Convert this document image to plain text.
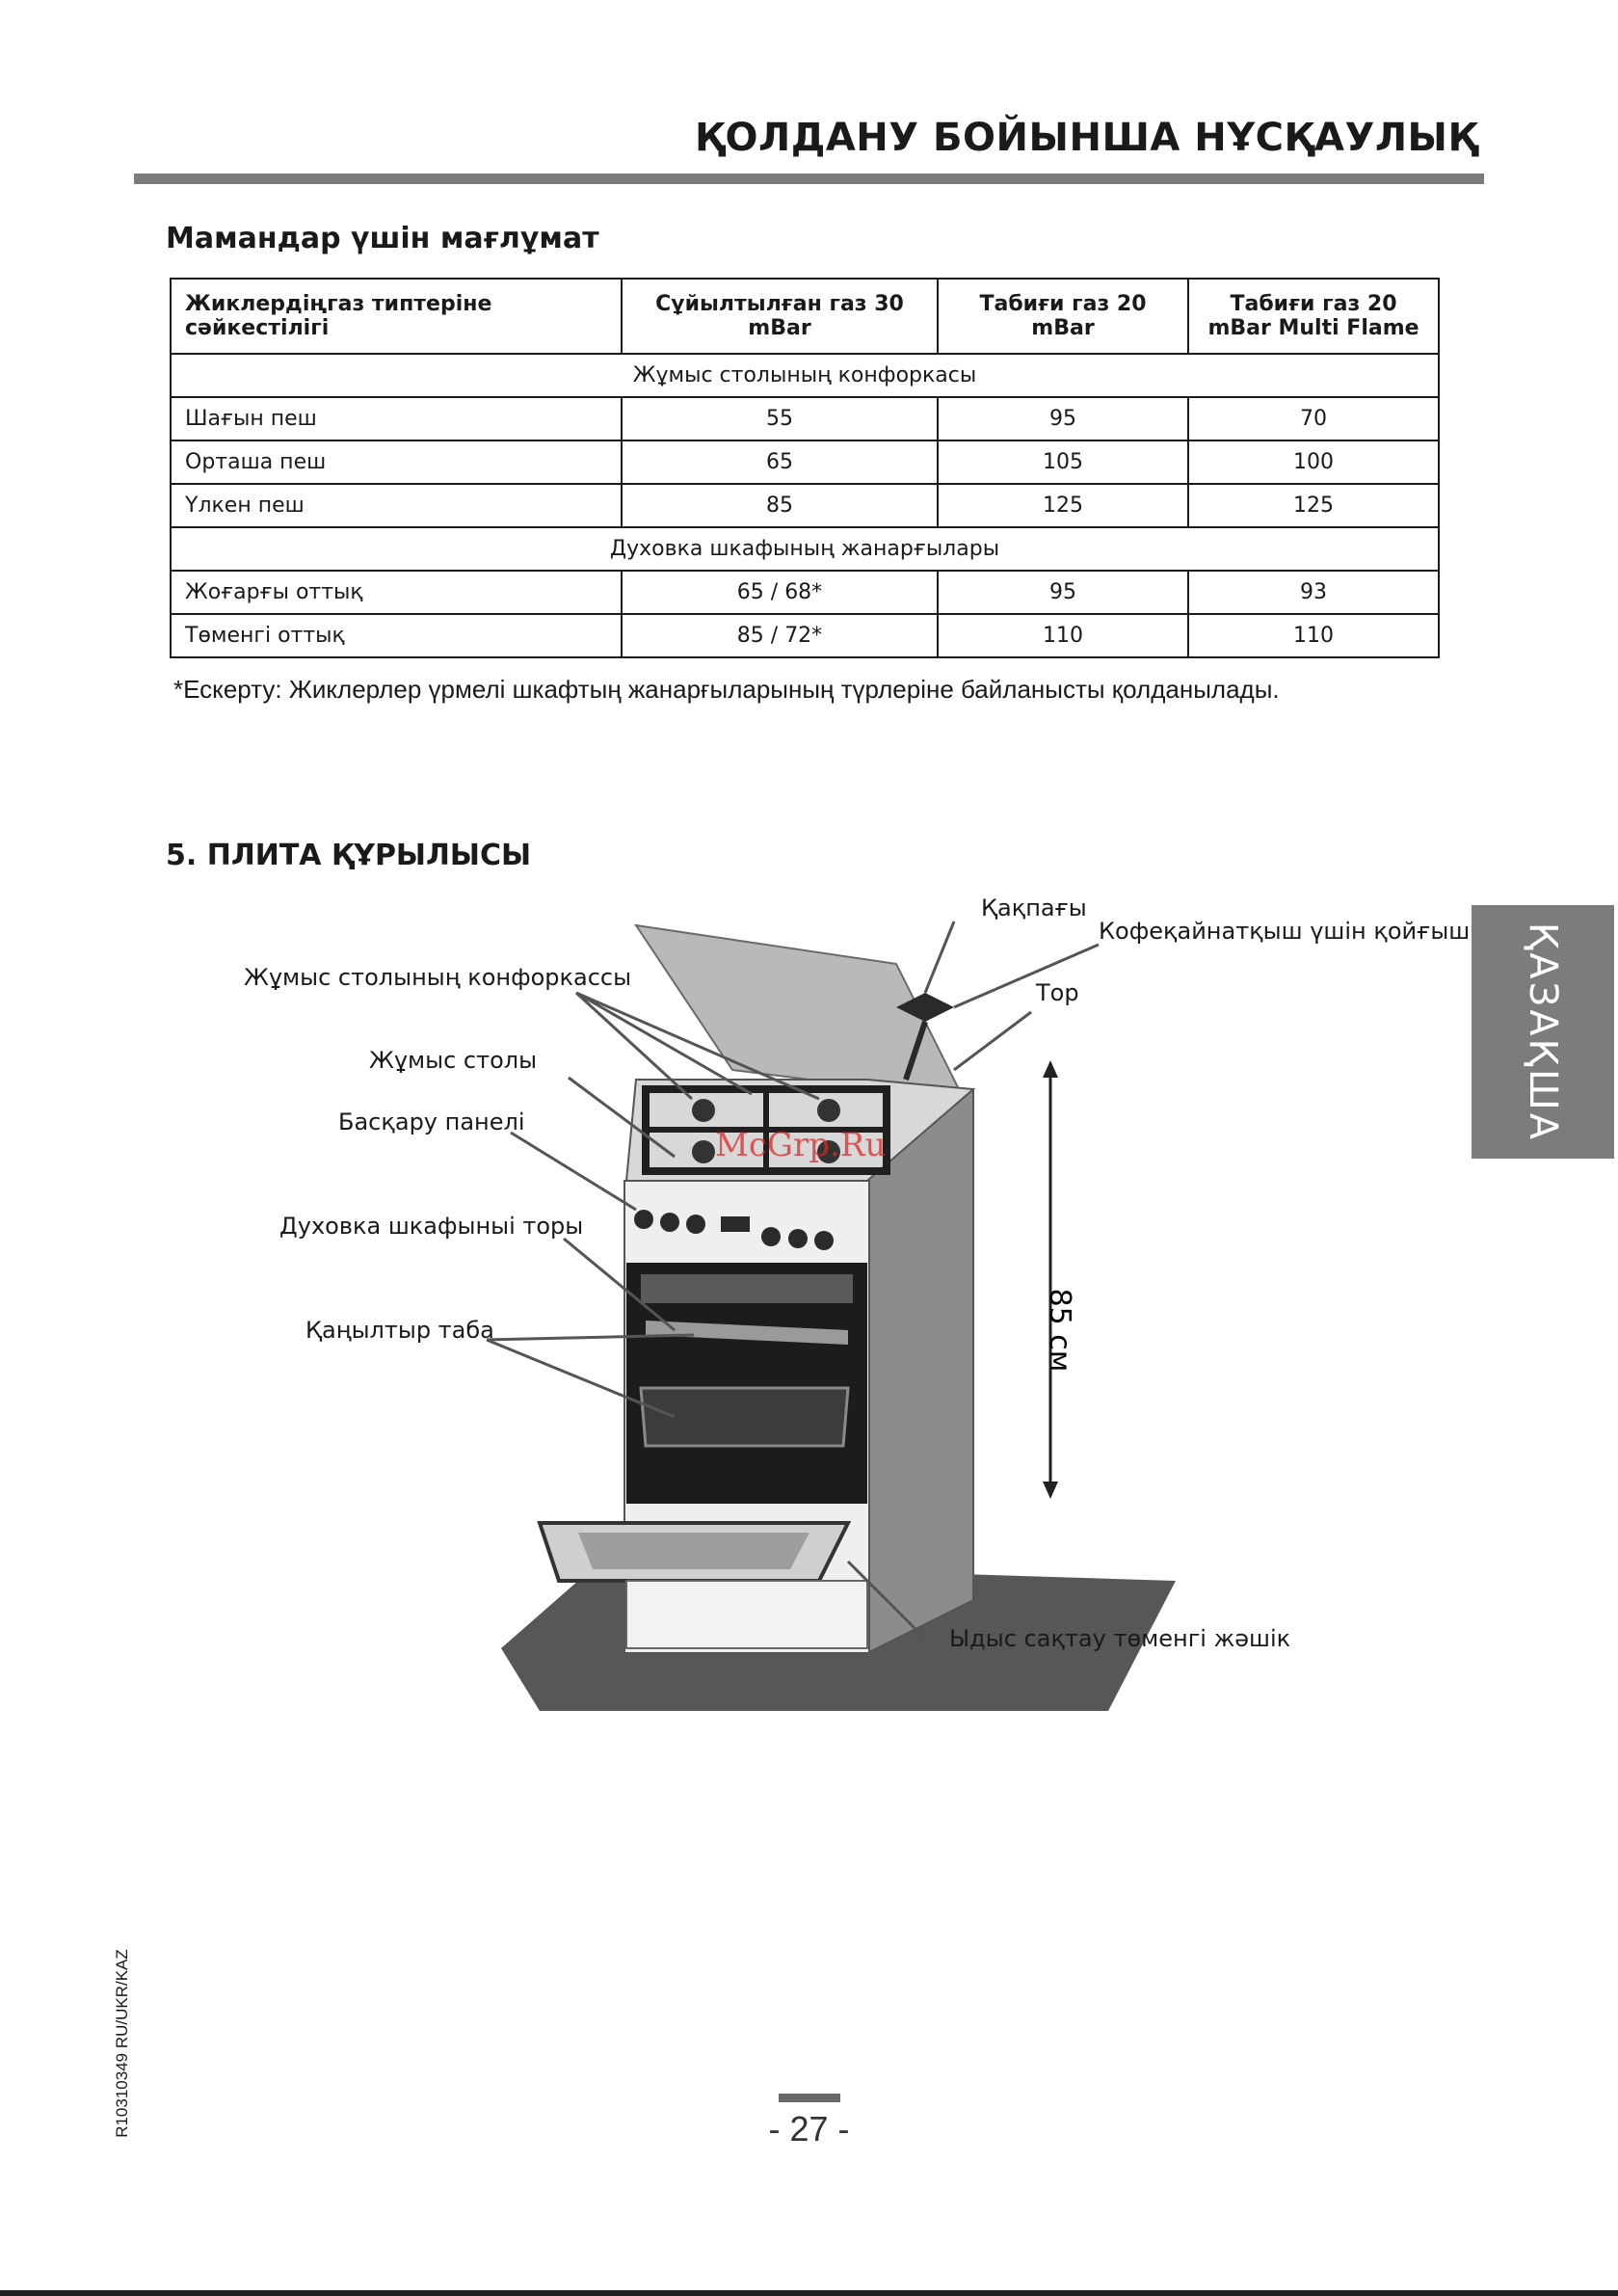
ҚОЛДАНУ БОЙЫНША НҰСҚАУЛЫҚ
Мамандар үшін мағлұмат
Жиклердіңгаз типтеріне сәйкестілігі	Сұйылтылған газ 30 mBar	Табиғи газ 20 mBar	Табиғи газ 20 mBar Multi Flame
Жұмыс столының конфоркасы			
Шағын пеш	55	95	70
Орташа пеш	65	105	100
Үлкен пеш	85	125	125
Духовка шкафының жанарғылары			
Жоғарғы оттық	65 / 68*	95	93
Төменгі оттық	85 / 72*	110	110
*Ескерту: Жиклерлер үрмелі шкафтың жанарғыларының түрлеріне байланысты қолданылады.
5. ПЛИТА ҚҰРЫЛЫСЫ
ҚАЗАҚША
85 см
Қақпағы
Кофеқайнатқыш үшін қойғыш
Жұмыс столының конфоркассы
Тор
Жұмыс столы
Басқару панелі
Духовка шкафыныі торы
Қаңылтыр таба
Ыдыс сақтау төменгі жәшік
McGrp.Ru
R10310349 RU/UKR/KAZ	- 27 -
